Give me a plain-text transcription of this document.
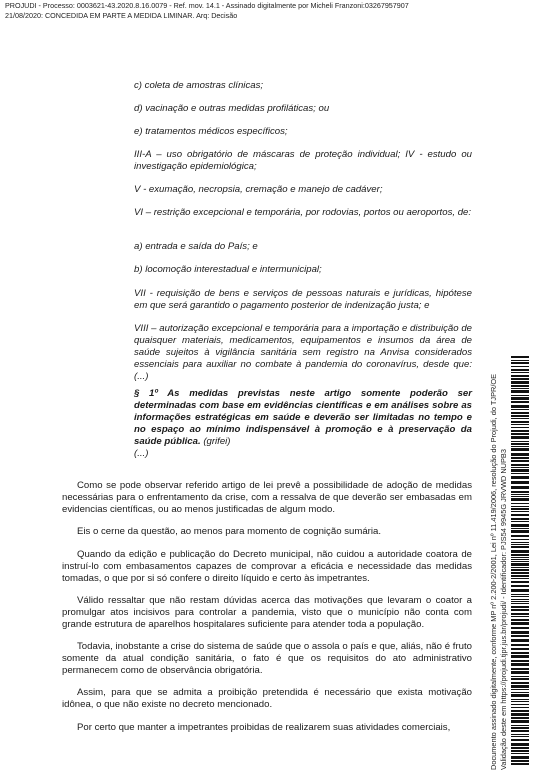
PROJUDI - Processo: 0003621-43.2020.8.16.0079 - Ref. mov. 14.1 - Assinado digitalmente por Micheli Franzoni:03267957907
21/08/2020: CONCEDIDA EM PARTE A MEDIDA LIMINAR. Arq: Decisão

c) coleta de amostras clínicas;

d) vacinação e outras medidas profiláticas; ou

e) tratamentos médicos específicos;

III-A – uso obrigatório de máscaras de proteção individual; IV - estudo ou investigação epidemiológica;

V - exumação, necropsia, cremação e manejo de cadáver;

VI – restrição excepcional e temporária, por rodovias, portos ou aeroportos, de:

a) entrada e saída do País; e

b) locomoção interestadual e intermunicipal;

VII - requisição de bens e serviços de pessoas naturais e jurídicas, hipótese em que será garantido o pagamento posterior de indenização justa; e

VIII – autorização excepcional e temporária para a importação e distribuição de quaisquer materiais, medicamentos, equipamentos e insumos da área de saúde sujeitos à vigilância sanitária sem registro na Anvisa considerados essenciais para auxiliar no combate à pandemia do coronavírus, desde que: (...)

§ 1º As medidas previstas neste artigo somente poderão ser determinadas com base em evidências científicas e em análises sobre as informações estratégicas em saúde e deverão ser limitadas no tempo e no espaço ao mínimo indispensável à promoção e à preservação da saúde pública. (grifei)

(...)

Como se pode observar referido artigo de lei prevê a possibilidade de adoção de medidas necessárias para o enfrentamento da crise, com a ressalva de que deverão ser embasadas em evidencias científicas, ou ao menos justificadas de algum modo.

Eis o cerne da questão, ao menos para momento de cognição sumária.

Quando da edição e publicação do Decreto municipal, não cuidou a autoridade coatora de instruí-lo com embasamentos capazes de comprovar a eficácia e necessidade das medidas tomadas, o que por si só confere o direito líquido e certo às impetrantes.

Válido ressaltar que não restam dúvidas acerca das motivações que levaram o coator a promulgar atos incisivos para controlar a pandemia, visto que o município não conta com grande estrutura de aparelhos hospitalares suficiente para atender toda a população.

Todavia, inobstante a crise do sistema de saúde que o assola o país e que, aliás, não é fruto somente da atual condição sanitária, o fato é que os requisitos do ato administrativo permanecem como de observância obrigatória.

Assim, para que se admita a proibição pretendida é necessário que exista motivação idônea, o que não existe no decreto mencionado.

Por certo que manter a impetrantes proibidas de realizarem suas atividades comerciais,	Documento assinado digitalmente, conforme MP nº 2.200-2/2001, Lei nº 11.419/2006, resolução do Projudi, do TJPR/OE Validação deste em https://projudi.tjpr.jus.br/projudi/ - Identificador: PJS54 9945G JRVWD NUPB3
